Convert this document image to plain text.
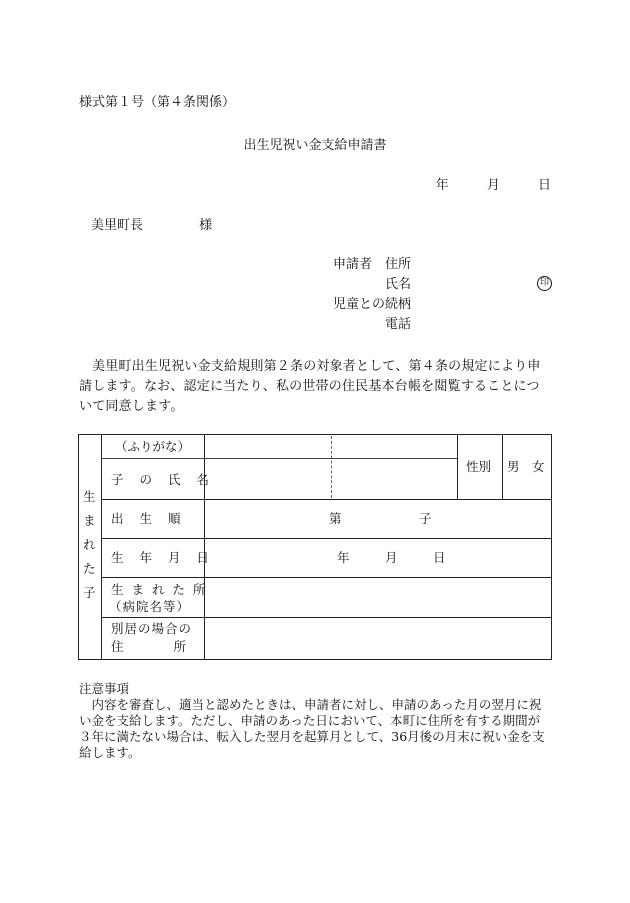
様式第１号（第４条関係）
出生児祝い金支給申請書
年	月	日
美里町長	様
申請者 住所
氏名	印
児童との続柄
電話
美里町出生児祝い金支給規則第２条の対象者として、第４条の規定により申請します。なお、認定に当たり、私の世帯の住民基本台帳を閲覧することについて同意します。
生
ま
れ
た
子
（ふりがな）
子 の 氏 名
性別 男　女
出 生 順	第	子
生 年 月 日	年	月	日
生 ま れ た 所
（病院名等）
別居の場合の
住　　　　所
注意事項
内容を審査し、適当と認めたときは、申請者に対し、申請のあった月の翌月に祝い金を支給します。ただし、申請のあった日において、本町に住所を有する期間が３年に満たない場合は、転入した翌月を起算月として、36月後の月末に祝い金を支給します。
